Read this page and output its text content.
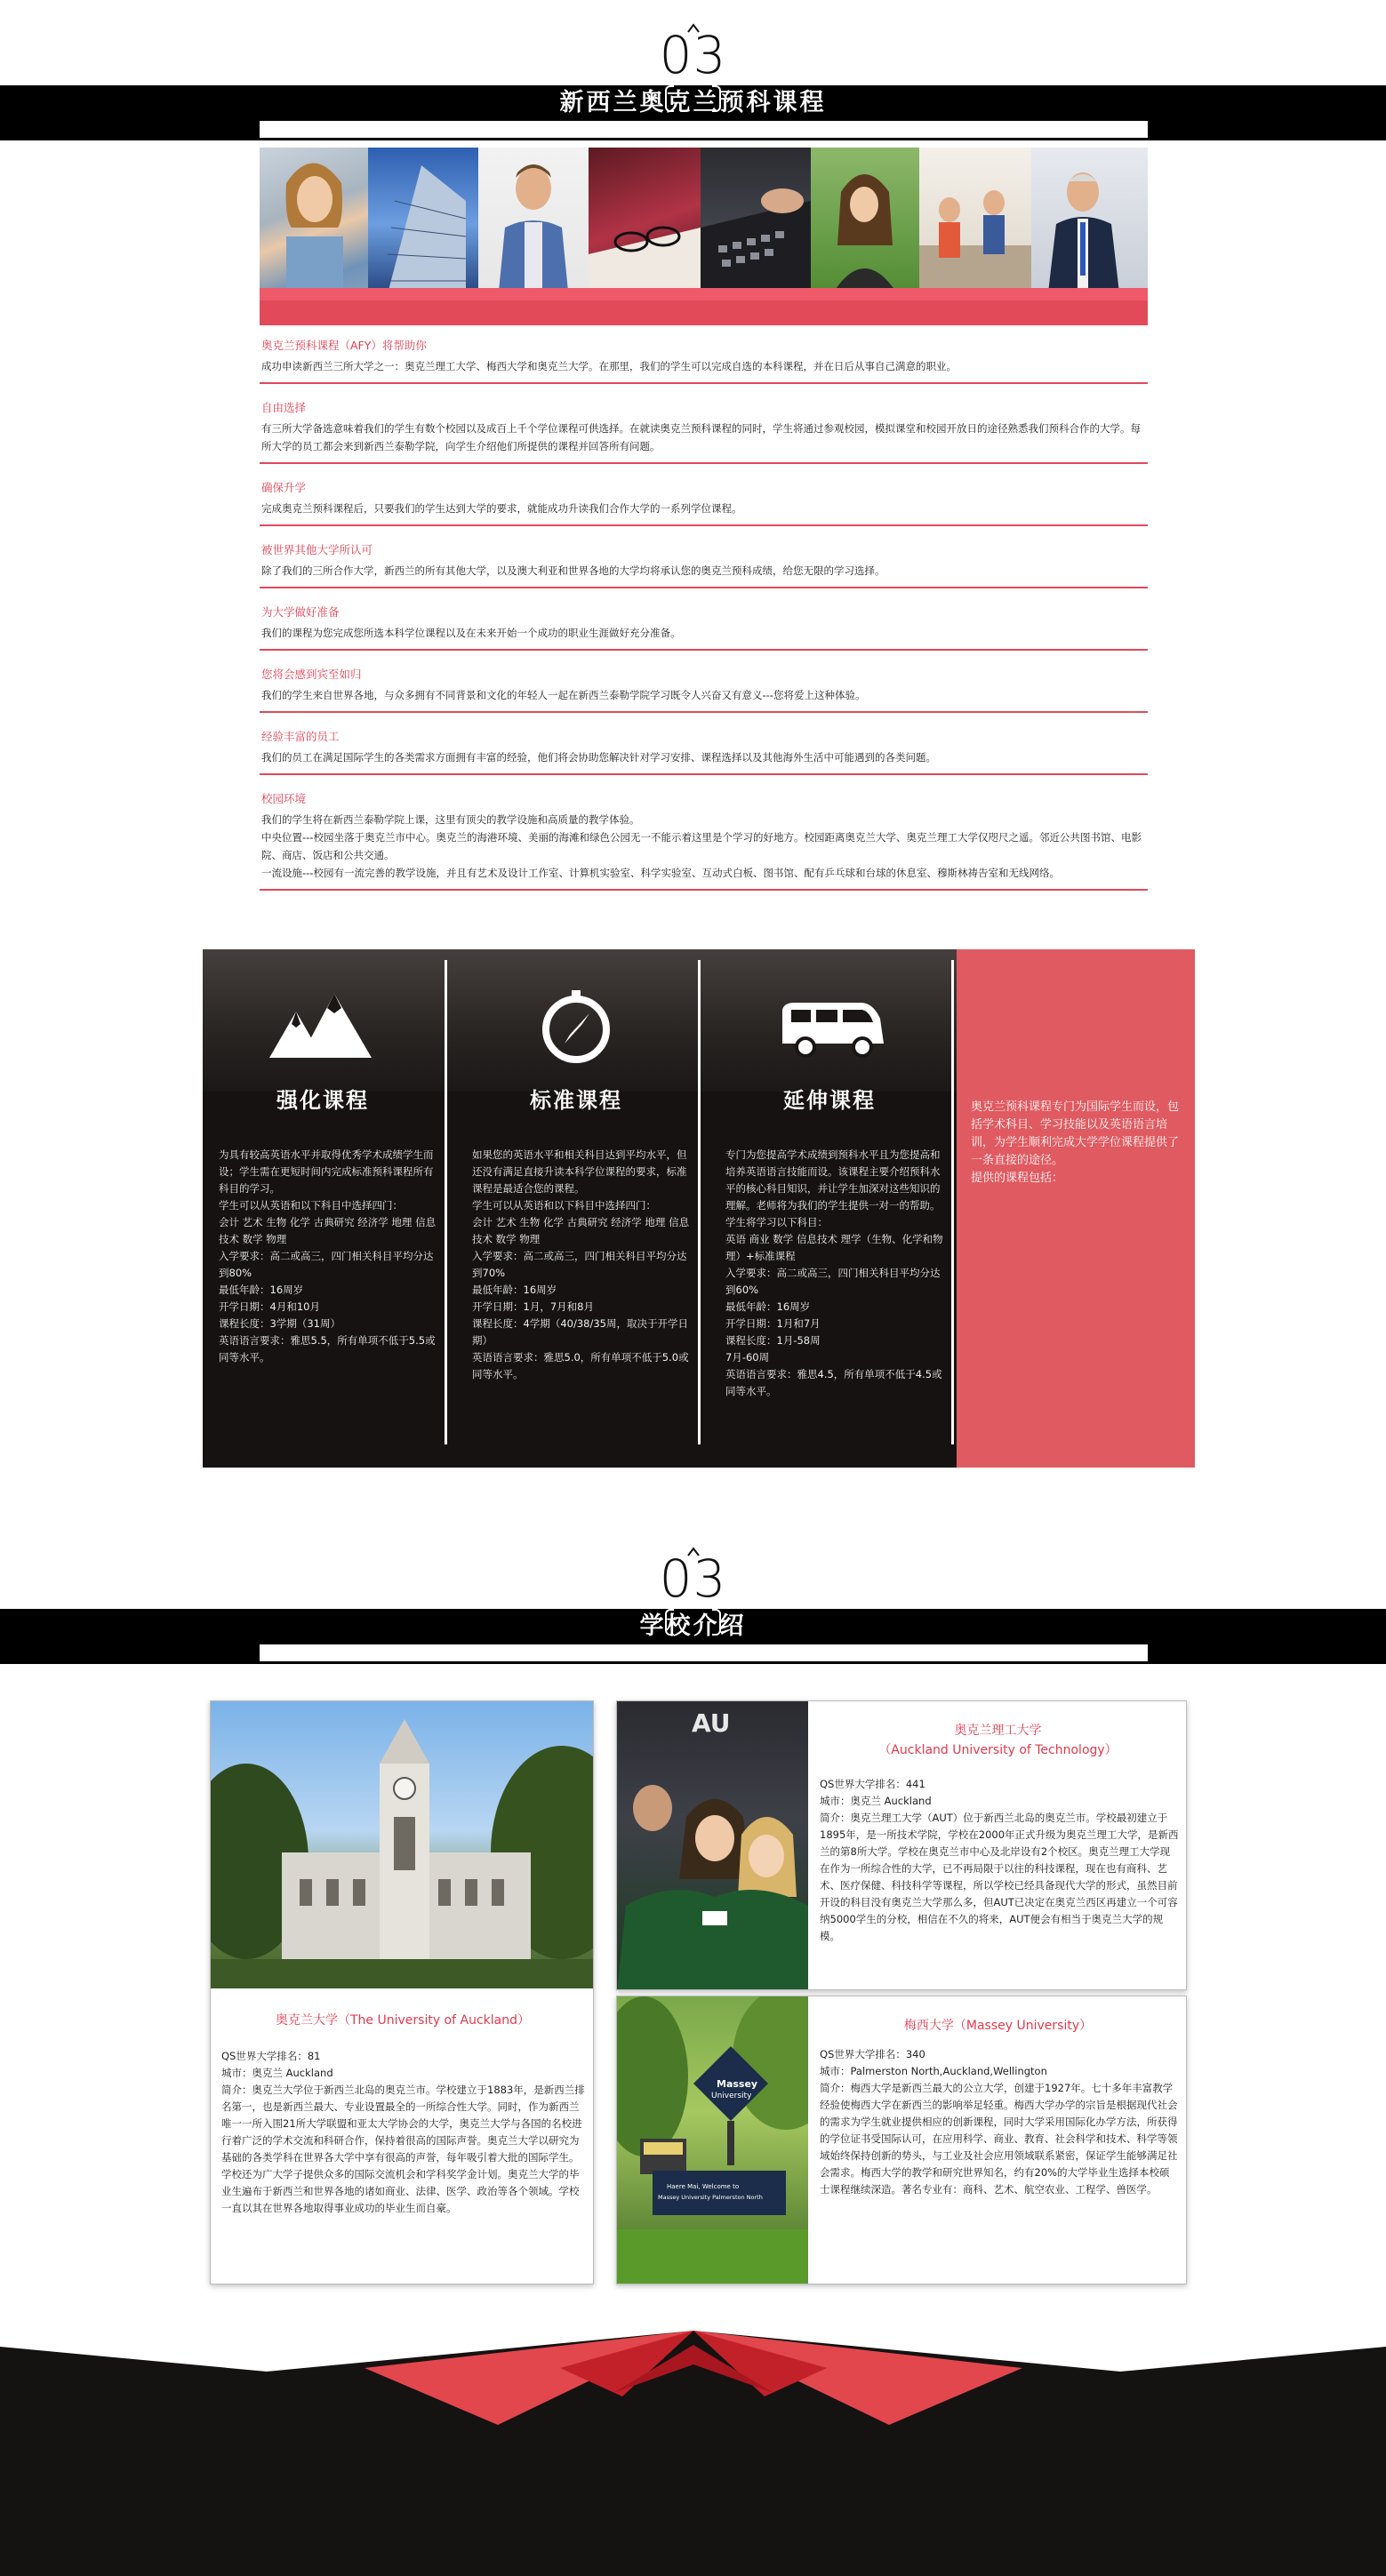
03
新西兰奥克兰预科课程
奥克兰预科课程（AFY）将帮助你
成功申读新西兰三所大学之一：奥克兰理工大学、梅西大学和奥克兰大学。在那里，我们的学生可以完成自选的本科课程，并在日后从事自己满意的职业。
自由选择
有三所大学备选意味着我们的学生有数个校园以及成百上千个学位课程可供选择。在就读奥克兰预科课程的同时，学生将通过参观校园，模拟课堂和校园开放日的途径熟悉我们预科合作的大学。每所大学的员工都会来到新西兰泰勒学院，向学生介绍他们所提供的课程并回答所有问题。
确保升学
完成奥克兰预科课程后，只要我们的学生达到大学的要求，就能成功升读我们合作大学的一系列学位课程。
被世界其他大学所认可
除了我们的三所合作大学，新西兰的所有其他大学，以及澳大利亚和世界各地的大学均将承认您的奥克兰预科成绩，给您无限的学习选择。
为大学做好准备
我们的课程为您完成您所选本科学位课程以及在未来开始一个成功的职业生涯做好充分准备。
您将会感到宾至如归
我们的学生来自世界各地，与众多拥有不同背景和文化的年轻人一起在新西兰泰勒学院学习既令人兴奋又有意义---您将爱上这种体验。
经验丰富的员工
我们的员工在满足国际学生的各类需求方面拥有丰富的经验，他们将会协助您解决针对学习安排、课程选择以及其他海外生活中可能遇到的各类问题。
校园环境
我们的学生将在新西兰泰勒学院上课，这里有顶尖的教学设施和高质量的教学体验。
中央位置---校园坐落于奥克兰市中心。奥克兰的海港环境、美丽的海滩和绿色公园无一不能示着这里是个学习的好地方。校园距离奥克兰大学、奥克兰理工大学仅咫尺之遥。邻近公共图书馆、电影院、商店、饭店和公共交通。
一流设施---校园有一流完善的教学设施，并且有艺术及设计工作室、计算机实验室、科学实验室、互动式白板、图书馆、配有乒乓球和台球的休息室、穆斯林祷告室和无线网络。
强化课程
为具有较高英语水平并取得优秀学术成绩学生而设；学生需在更短时间内完成标准预科课程所有科目的学习。
学生可以从英语和以下科目中选择四门：
会计 艺术 生物 化学 古典研究 经济学 地理 信息技术 数学 物理
入学要求：高二或高三，四门相关科目平均分达到80%
最低年龄：16周岁
开学日期：4月和10月
课程长度：3学期（31周）
英语语言要求：雅思5.5，所有单项不低于5.5或同等水平。
标准课程
如果您的英语水平和相关科目达到平均水平，但还没有满足直接升读本科学位课程的要求，标准课程是最适合您的课程。
学生可以从英语和以下科目中选择四门：
会计 艺术 生物 化学 古典研究 经济学 地理 信息技术 数学 物理
入学要求：高二或高三，四门相关科目平均分达到70%
最低年龄：16周岁
开学日期：1月，7月和8月
课程长度：4学期（40/38/35周，取决于开学日期）
英语语言要求：雅思5.0，所有单项不低于5.0或同等水平。
延伸课程
专门为您提高学术成绩到预科水平且为您提高和培养英语语言技能而设。该课程主要介绍预科水平的核心科目知识，并让学生加深对这些知识的理解。老师将为我们的学生提供一对一的帮助。
学生将学习以下科目：
英语 商业 数学 信息技术 理学（生物、化学和物理）+标准课程
入学要求：高二或高三，四门相关科目平均分达到60%
最低年龄：16周岁
开学日期：1月和7月
课程长度：1月-58周
7月-60周
英语语言要求：雅思4.5，所有单项不低于4.5或同等水平。
奥克兰预科课程专门为国际学生而设，包括学术科目、学习技能以及英语语言培训，为学生顺利完成大学学位课程提供了一条直接的途径。
提供的课程包括：
03
学校介绍
奥克兰大学（The University of Auckland）
QS世界大学排名：81
城市：奥克兰 Auckland
简介：奥克兰大学位于新西兰北岛的奥克兰市。学校建立于1883年，是新西兰排名第一，也是新西兰最大、专业设置最全的一所综合性大学。同时，作为新西兰唯一一所入围21所大学联盟和亚太大学协会的大学，奥克兰大学与各国的名校进行着广泛的学术交流和科研合作，保持着很高的国际声誉。奥克兰大学以研究为基础的各类学科在世界各大学中享有很高的声誉，每年吸引着大批的国际学生。学校还为广大学子提供众多的国际交流机会和学科奖学金计划。奥克兰大学的毕业生遍布于新西兰和世界各地的诸如商业、法律、医学、政治等各个领域。学校一直以其在世界各地取得事业成功的毕业生而自豪。
AU	奥克兰理工大学
（Auckland University of Technology）
QS世界大学排名：441
城市：奥克兰 Auckland
简介：奥克兰理工大学（AUT）位于新西兰北岛的奥克兰市。学校最初建立于1895年，是一所技术学院，学校在2000年正式升级为奥克兰理工大学，是新西兰的第8所大学。学校在奥克兰市中心及北岸设有2个校区。奥克兰理工大学现在作为一所综合性的大学，已不再局限于以往的科技课程，现在也有商科、艺术、医疗保健、科技科学等课程，所以学校已经具备现代大学的形式，虽然目前开设的科目没有奥克兰大学那么多，但AUT已决定在奥克兰西区再建立一个可容纳5000学生的分校，相信在不久的将来，AUT便会有相当于奥克兰大学的规模。
Massey
University
Haere Mai, Welcome to
Massey University Palmerston North
梅西大学（Massey University）
QS世界大学排名：340
城市：Palmerston North,Auckland,Wellington
简介：梅西大学是新西兰最大的公立大学，创建于1927年。七十多年丰富教学经验使梅西大学在新西兰的影响举足轻重。梅西大学办学的宗旨是根据现代社会的需求为学生就业提供相应的创新课程，同时大学采用国际化办学方法，所获得的学位证书受国际认可，在应用科学、商业、教育、社会科学和技术、科学等领域始终保持创新的势头，与工业及社会应用领域联系紧密，保证学生能够满足社会需求。梅西大学的教学和研究世界知名，约有20%的大学毕业生选择本校硕士课程继续深造。著名专业有：商科、艺术、航空农业、工程学、兽医学。
